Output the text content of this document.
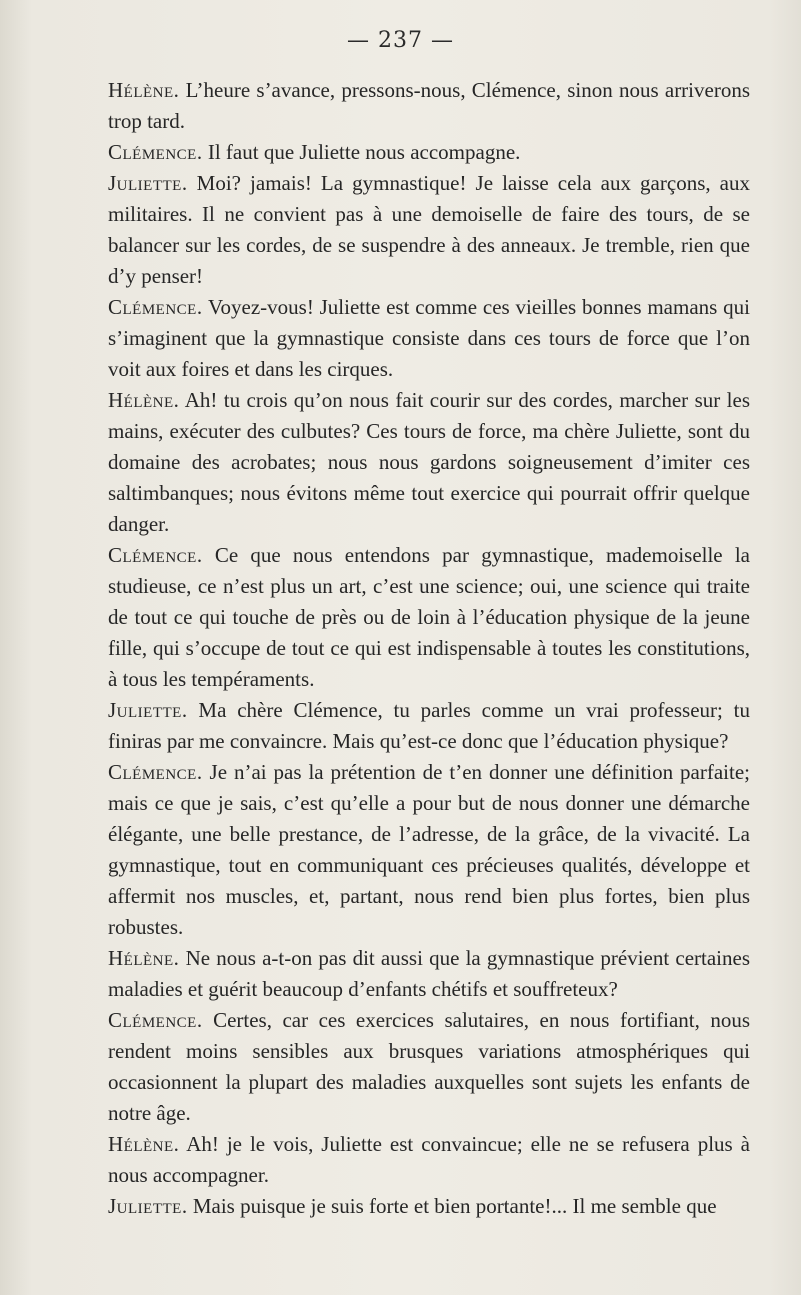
— 237 —

Hélène. L’heure s’avance, pressons-nous, Clémence, sinon nous arriverons trop tard.

Clémence. Il faut que Juliette nous accompagne.

Juliette. Moi? jamais! La gymnastique! Je laisse cela aux garçons, aux militaires. Il ne convient pas à une demoiselle de faire des tours, de se balancer sur les cordes, de se suspendre à des anneaux. Je tremble, rien que d’y penser!

Clémence. Voyez-vous! Juliette est comme ces vieilles bonnes mamans qui s’imaginent que la gymnastique consiste dans ces tours de force que l’on voit aux foires et dans les cirques.

Hélène. Ah! tu crois qu’on nous fait courir sur des cordes, marcher sur les mains, exécuter des culbutes? Ces tours de force, ma chère Juliette, sont du domaine des acrobates; nous nous gardons soigneusement d’imiter ces saltimbanques; nous évitons même tout exercice qui pourrait offrir quelque danger.

Clémence. Ce que nous entendons par gymnastique, mademoiselle la studieuse, ce n’est plus un art, c’est une science; oui, une science qui traite de tout ce qui touche de près ou de loin à l’éducation physique de la jeune fille, qui s’occupe de tout ce qui est indispensable à toutes les constitutions, à tous les tempéraments.

Juliette. Ma chère Clémence, tu parles comme un vrai professeur; tu finiras par me convaincre. Mais qu’est-ce donc que l’éducation physique?

Clémence. Je n’ai pas la prétention de t’en donner une définition parfaite; mais ce que je sais, c’est qu’elle a pour but de nous donner une démarche élégante, une belle prestance, de l’adresse, de la grâce, de la vivacité. La gymnastique, tout en communiquant ces précieuses qualités, développe et affermit nos muscles, et, partant, nous rend bien plus fortes, bien plus robustes.

Hélène. Ne nous a-t-on pas dit aussi que la gymnastique prévient certaines maladies et guérit beaucoup d’enfants chétifs et souffreteux?

Clémence. Certes, car ces exercices salutaires, en nous fortifiant, nous rendent moins sensibles aux brusques variations atmosphériques qui occasionnent la plupart des maladies auxquelles sont sujets les enfants de notre âge.

Hélène. Ah! je le vois, Juliette est convaincue; elle ne se refusera plus à nous accompagner.

Juliette. Mais puisque je suis forte et bien portante!... Il me semble que
